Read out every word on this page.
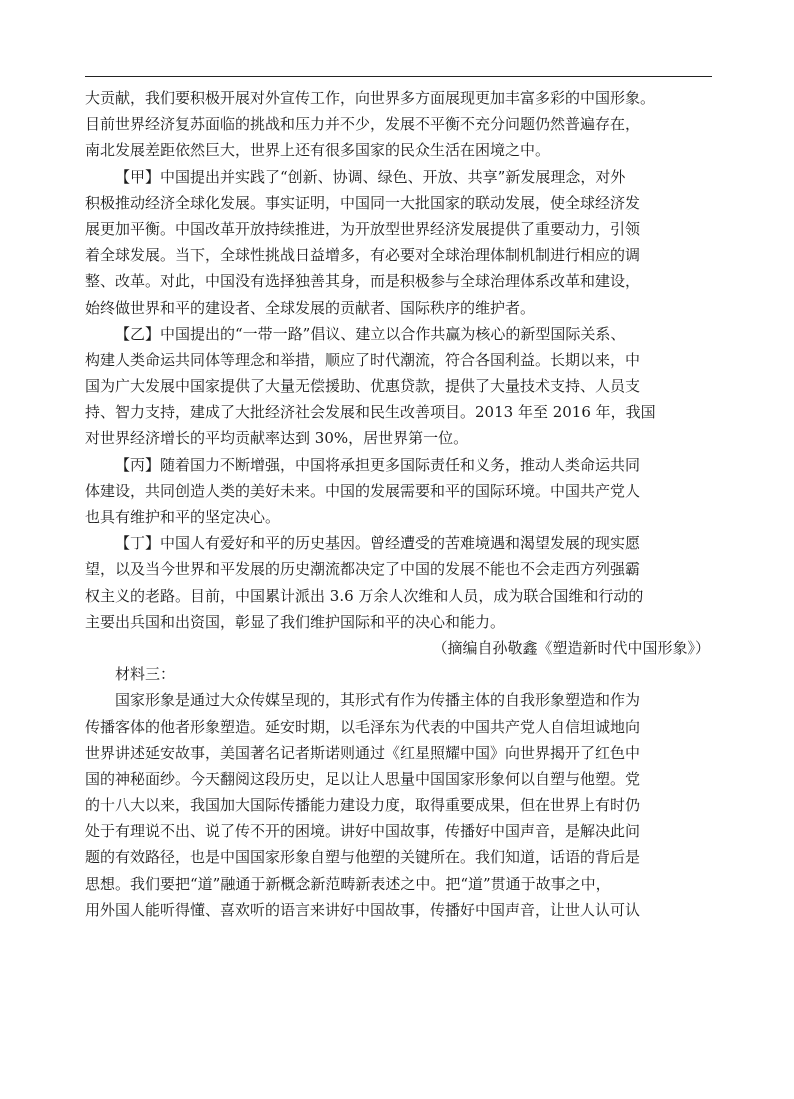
大贡献，我们要积极开展对外宣传工作，向世界多方面展现更加丰富多彩的中国形象。
目前世界经济复苏面临的挑战和压力并不少，发展不平衡不充分问题仍然普遍存在，
南北发展差距依然巨大，世界上还有很多国家的民众生活在困境之中。
【甲】中国提出并实践了“创新、协调、绿色、开放、共享”新发展理念，对外
积极推动经济全球化发展。事实证明，中国同一大批国家的联动发展，使全球经济发
展更加平衡。中国改革开放持续推进，为开放型世界经济发展提供了重要动力，引领
着全球发展。当下，全球性挑战日益增多，有必要对全球治理体制机制进行相应的调
整、改革。对此，中国没有选择独善其身，而是积极参与全球治理体系改革和建设，
始终做世界和平的建设者、全球发展的贡献者、国际秩序的维护者。
【乙】中国提出的“一带一路”倡议、建立以合作共赢为核心的新型国际关系、
构建人类命运共同体等理念和举措，顺应了时代潮流，符合各国利益。长期以来，中
国为广大发展中国家提供了大量无偿援助、优惠贷款，提供了大量技术支持、人员支
持、智力支持，建成了大批经济社会发展和民生改善项目。2013 年至 2016 年，我国
对世界经济增长的平均贡献率达到 30%，居世界第一位。
【丙】随着国力不断增强，中国将承担更多国际责任和义务，推动人类命运共同
体建设，共同创造人类的美好未来。中国的发展需要和平的国际环境。中国共产党人
也具有维护和平的坚定决心。
【丁】中国人有爱好和平的历史基因。曾经遭受的苦难境遇和渴望发展的现实愿
望，以及当今世界和平发展的历史潮流都决定了中国的发展不能也不会走西方列强霸
权主义的老路。目前，中国累计派出 3.6 万余人次维和人员，成为联合国维和行动的
主要出兵国和出资国，彰显了我们维护国际和平的决心和能力。
（摘编自孙敬鑫《塑造新时代中国形象》）
材料三：
国家形象是通过大众传媒呈现的，其形式有作为传播主体的自我形象塑造和作为
传播客体的他者形象塑造。延安时期，以毛泽东为代表的中国共产党人自信坦诚地向
世界讲述延安故事，美国著名记者斯诺则通过《红星照耀中国》向世界揭开了红色中
国的神秘面纱。今天翻阅这段历史，足以让人思量中国国家形象何以自塑与他塑。党
的十八大以来，我国加大国际传播能力建设力度，取得重要成果，但在世界上有时仍
处于有理说不出、说了传不开的困境。讲好中国故事，传播好中国声音，是解决此问
题的有效路径，也是中国国家形象自塑与他塑的关键所在。我们知道，话语的背后是
思想。我们要把“道”融通于新概念新范畴新表述之中。把“道”贯通于故事之中，
用外国人能听得懂、喜欢听的语言来讲好中国故事，传播好中国声音，让世人认可认
